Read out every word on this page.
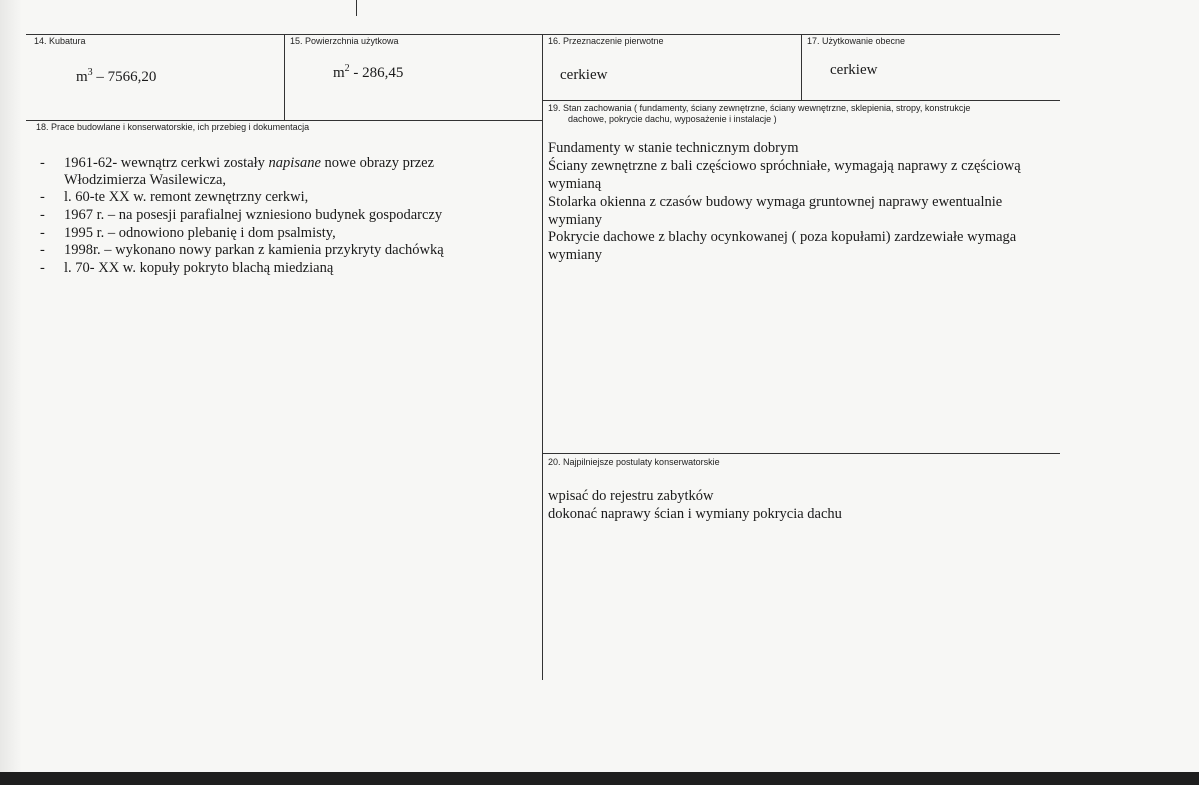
14. Kubatura
$m^3 - 7566,20$
15. Powierzchnia użytkowa
$m^2 - 286,45$
16. Przeznaczenie pierwotne
cerkiew
17. Użytkowanie obecne
cerkiew
18. Prace budowlane i konserwatorskie, ich przebieg i dokumentacja
- 1961-62- wewnątrz cerkwi zostały napisane nowe obrazy przez
Włodzimierza Wasilewicza,
- l. 60-te XX w. remont zewnętrzny cerkwi,
- 1967 r. – na posesji parafialnej wzniesiono budynek gospodarczy
- 1995 r. – odnowiono plebanię i dom psalmisty,
- 1998r. – wykonano nowy parkan z kamienia przykryty dachówką
- l. 70- XX w. kopuły pokryto blachą miedzianą
19. Stan zachowania ( fundamenty, ściany zewnętrzne, ściany wewnętrzne, sklepienia, stropy, konstrukcje
dachowe, pokrycie dachu, wyposażenie i instalacje )
Fundamenty w stanie technicznym dobrym
Ściany zewnętrzne z bali częściowo spróchniałe, wymagają naprawy z częściową
wymianą
Stolarka okienna z czasów budowy wymaga gruntownej naprawy ewentualnie
wymiany
Pokrycie dachowe z blachy ocynkowanej ( poza kopułami) zardzewiałe wymaga
wymiany
20. Najpilniejsze postulaty konserwatorskie
wpisać do rejestru zabytków
dokonać naprawy ścian i wymiany pokrycia dachu
